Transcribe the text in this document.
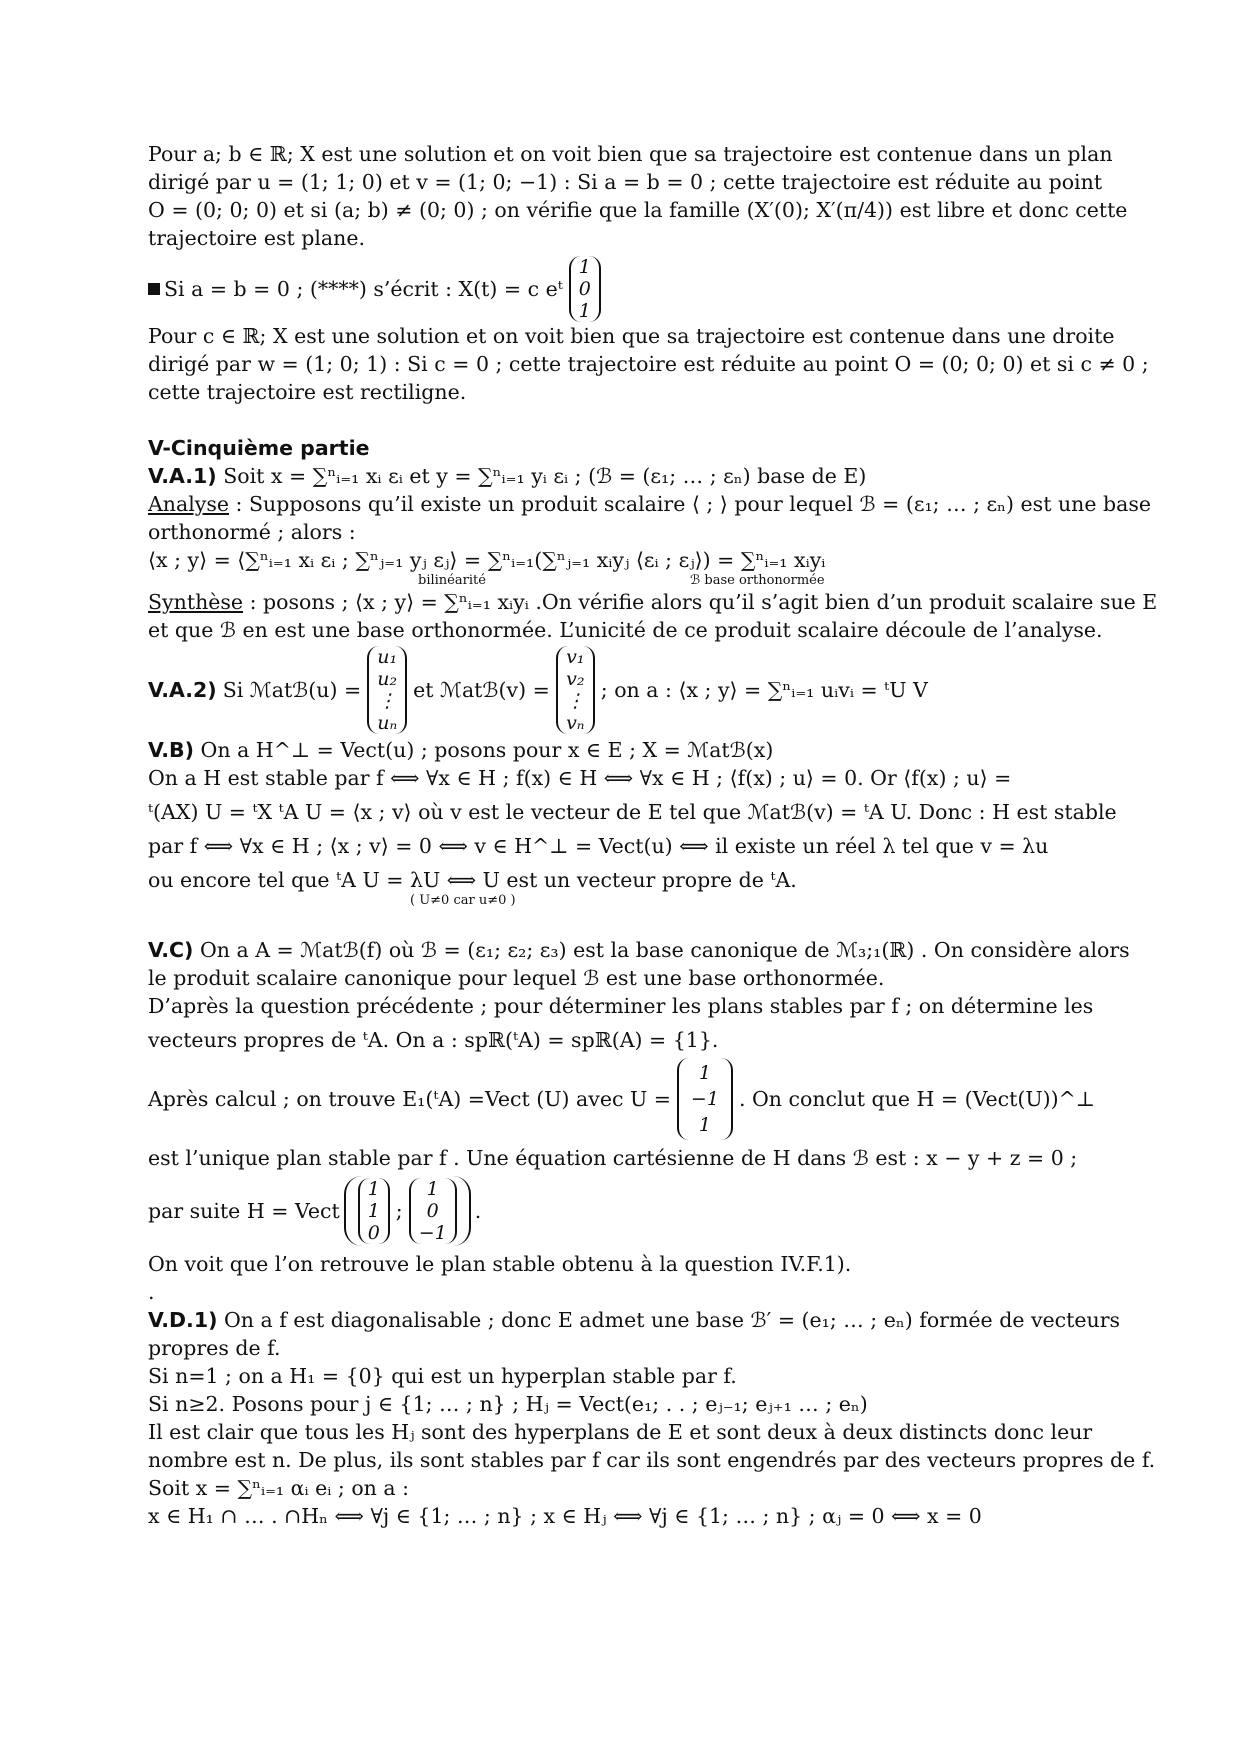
Pour a; b ∈ ℝ; X est une solution et on voit bien que sa trajectoire est contenue dans un plan

dirigé par u = (1; 1; 0) et v = (1; 0; −1) : Si a = b = 0 ; cette trajectoire est réduite au point

O = (0; 0; 0) et si (a; b) ≠ (0; 0) ; on vérifie que la famille (X′(0); X′(π/4)) est libre et donc cette

trajectoire est plane.

Si a = b = 0 ; (****) s’écrit : X(t) = c eᵗ
1
0
1

Pour c ∈ ℝ; X est une solution et on voit bien que sa trajectoire est contenue dans une droite

dirigé par w = (1; 0; 1) : Si c = 0 ; cette trajectoire est réduite au point O = (0; 0; 0) et si c ≠ 0 ;

cette trajectoire est rectiligne.

V-Cinquième partie

V.A.1) Soit x = ∑ⁿᵢ₌₁ xᵢ εᵢ et y = ∑ⁿᵢ₌₁ yᵢ εᵢ ; (ℬ = (ε₁; … ; εₙ) base de E)

Analyse : Supposons qu’il existe un produit scalaire ⟨ ; ⟩ pour lequel ℬ = (ε₁; … ; εₙ) est une base

orthonormé ; alors :

⟨x ; y⟩ = ⟨∑ⁿᵢ₌₁ xᵢ εᵢ ; ∑ⁿⱼ₌₁ yⱼ εⱼ⟩ = ∑ⁿᵢ₌₁(∑ⁿⱼ₌₁ xᵢyⱼ ⟨εᵢ ; εⱼ⟩) = ∑ⁿᵢ₌₁ xᵢyᵢ

bilinéarité	ℬ base orthonormée

Synthèse : posons ; ⟨x ; y⟩ = ∑ⁿᵢ₌₁ xᵢyᵢ .On vérifie alors qu’il s’agit bien d’un produit scalaire sue E

et que ℬ en est une base orthonormée. L’unicité de ce produit scalaire découle de l’analyse.

V.A.2) Si ℳatℬ(u) =
u₁
u₂
⋮
uₙ
et ℳatℬ(v) =
v₁
v₂
⋮
vₙ
; on a : ⟨x ; y⟩ = ∑ⁿᵢ₌₁ uᵢvᵢ = ᵗU V

V.B) On a H^⊥ = Vect(u) ; posons pour x ∈ E ; X = ℳatℬ(x)

On a H est stable par f ⟺ ∀x ∈ H ; f(x) ∈ H ⟺ ∀x ∈ H ; ⟨f(x) ; u⟩ = 0. Or ⟨f(x) ; u⟩ =

ᵗ(AX) U = ᵗX ᵗA U = ⟨x ; v⟩ où v est le vecteur de E tel que ℳatℬ(v) = ᵗA U. Donc : H est stable

par f ⟺ ∀x ∈ H ; ⟨x ; v⟩ = 0 ⟺ v ∈ H^⊥ = Vect(u) ⟺ il existe un réel λ tel que v = λu

ou encore tel que ᵗA U = λU ⟺ U est un vecteur propre de ᵗA.

( U≠0 car u≠0 )

V.C) On a A = ℳatℬ(f) où ℬ = (ε₁; ε₂; ε₃) est la base canonique de ℳ₃;₁(ℝ) . On considère alors

le produit scalaire canonique pour lequel ℬ est une base orthonormée.

D’après la question précédente ; pour déterminer les plans stables par f ; on détermine les

vecteurs propres de ᵗA. On a : spℝ(ᵗA) = spℝ(A) = {1}.

Après calcul ; on trouve E₁(ᵗA) =Vect (U) avec U =
1
−1
1
. On conclut que H = (Vect(U))^⊥

est l’unique plan stable par f . Une équation cartésienne de H dans ℬ est : x − y + z = 0 ;

par suite H = Vect
1
1
0
;
1
0
−1
.

On voit que l’on retrouve le plan stable obtenu à la question IV.F.1).

.

V.D.1) On a f est diagonalisable ; donc E admet une base ℬ′ = (e₁; … ; eₙ) formée de vecteurs

propres de f.

Si n=1 ; on a H₁ = {0} qui est un hyperplan stable par f.

Si n≥2. Posons pour j ∈ {1; … ; n} ; Hⱼ = Vect(e₁; . . ; eⱼ₋₁; eⱼ₊₁ … ; eₙ)

Il est clair que tous les Hⱼ sont des hyperplans de E et sont deux à deux distincts donc leur

nombre est n. De plus, ils sont stables par f car ils sont engendrés par des vecteurs propres de f.

Soit x = ∑ⁿᵢ₌₁ αᵢ eᵢ ; on a :

x ∈ H₁ ∩ … . ∩Hₙ ⟺ ∀j ∈ {1; … ; n} ; x ∈ Hⱼ ⟺ ∀j ∈ {1; … ; n} ; αⱼ = 0 ⟺ x = 0
